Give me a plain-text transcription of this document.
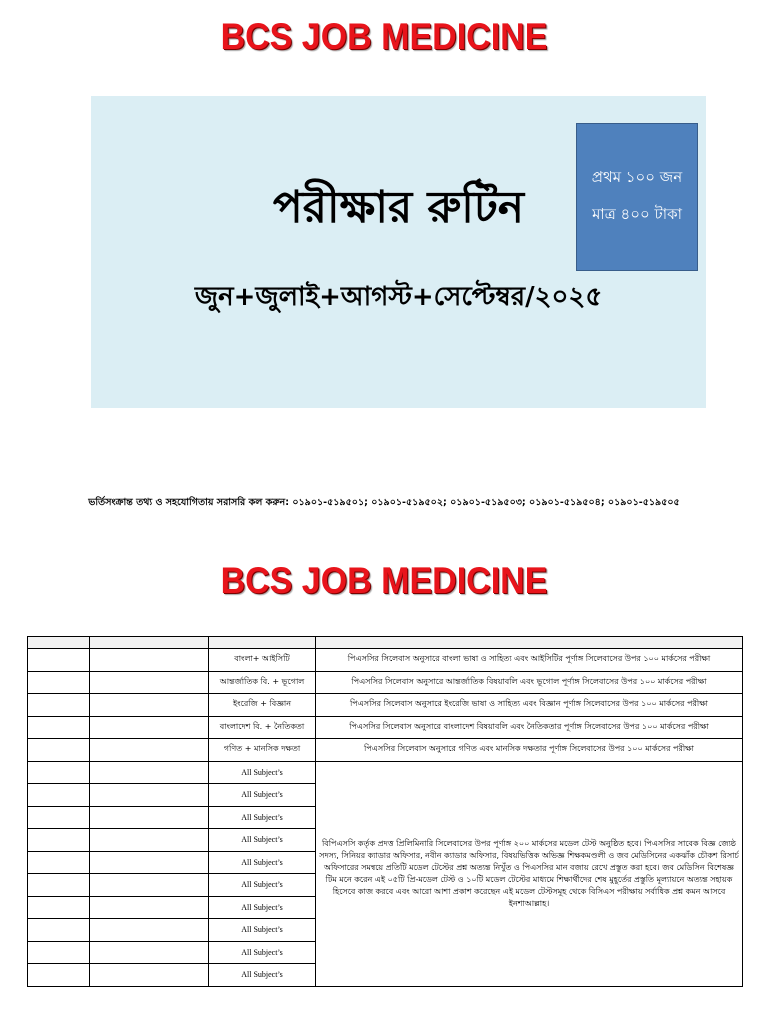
BCS JOB MEDICINE
পরীক্ষার রুটিন
জুন+জুলাই+আগস্ট+সেপ্টেম্বর/২০২৫
প্রথম ১০০ জন
মাত্র ৪০০ টাকা
ভর্তিসংক্রান্ত তথ্য ও সহযোগিতায় সরাসরি কল করুন: ০১৯০১-৫১৯৫০১; ০১৯০১-৫১৯৫০২; ০১৯০১-৫১৯৫০৩; ০১৯০১-৫১৯৫০৪; ০১৯০১-৫১৯৫০৫
BCS JOB MEDICINE

		বাংলা+ আইসিটি	পিএসসির সিলেবাস অনুসারে বাংলা ভাষা ও সাহিত্য এবং আইসিটির পূর্ণাঙ্গ সিলেবাসের উপর ১০০ মার্কসের পরীক্ষা
		আন্তর্জাতিক বি. + ভূগোল	পিএসসির সিলেবাস অনুসারে আন্তর্জাতিক বিষয়াবলি এবং ভূগোল পূর্ণাঙ্গ সিলেবাসের উপর ১০০ মার্কসের পরীক্ষা
		ইংরেজি + বিজ্ঞান	পিএসসির সিলেবাস অনুসারে ইংরেজি ভাষা ও সাহিত্য এবং বিজ্ঞান পূর্ণাঙ্গ সিলেবাসের উপর ১০০ মার্কসের পরীক্ষা
		বাংলাদেশ বি. + নৈতিকতা	পিএসসির সিলেবাস অনুসারে বাংলাদেশ বিষয়াবলি এবং নৈতিকতার পূর্ণাঙ্গ সিলেবাসের উপর ১০০ মার্কসের পরীক্ষা
		গণিত + মানসিক দক্ষতা	পিএসসির সিলেবাস অনুসারে গণিত এবং মানসিক দক্ষতার পূর্ণাঙ্গ সিলেবাসের উপর ১০০ মার্কসের পরীক্ষা
		All Subject’s	বিপিএসসি কর্তৃক প্রদত্ত প্রিলিমিনারি সিলেবাসের উপর পূর্ণাঙ্গ ২০০ মার্কসের মডেল টেস্ট অনুষ্ঠিত হবে। পিএসসির সাবেক বিজ্ঞ জ্যেষ্ঠ সদস্য, সিনিয়র ক্যাডার অফিসার, নবীন ক্যাডার অফিসার, বিষয়ভিত্তিক অভিজ্ঞ শিক্ষকমণ্ডলী ও জব মেডিসিনের একঝাঁক চৌকশ রিসার্চ অফিসারের সমন্বয়ে প্রতিটি মডেল টেস্টের প্রশ্ন অত্যন্ত নিখুঁত ও পিএসসির মান বজায় রেখে প্রস্তুত করা হবে। জব মেডিসিন বিশেষজ্ঞ টিম মনে করেন এই ০৫টি প্রি-মডেল টেস্ট ও ১০টি মডেল টেস্টের মাধ্যমে শিক্ষার্থীদের শেষ মুহূর্তের প্রস্তুতি মূল্যায়নে অত্যন্ত সহায়ক হিসেবে কাজ করবে এবং আরো আশা প্রকাশ করেছেন এই মডেল টেস্টসমূহ থেকে বিসিএস পরীক্ষায় সর্বাধিক প্রশ্ন কমন আসবে ইনশাআল্লাহ।
		All Subject’s	
		All Subject’s	
		All Subject’s	
		All Subject’s	
		All Subject’s	
		All Subject’s	
		All Subject’s	
		All Subject’s	
		All Subject’s	
